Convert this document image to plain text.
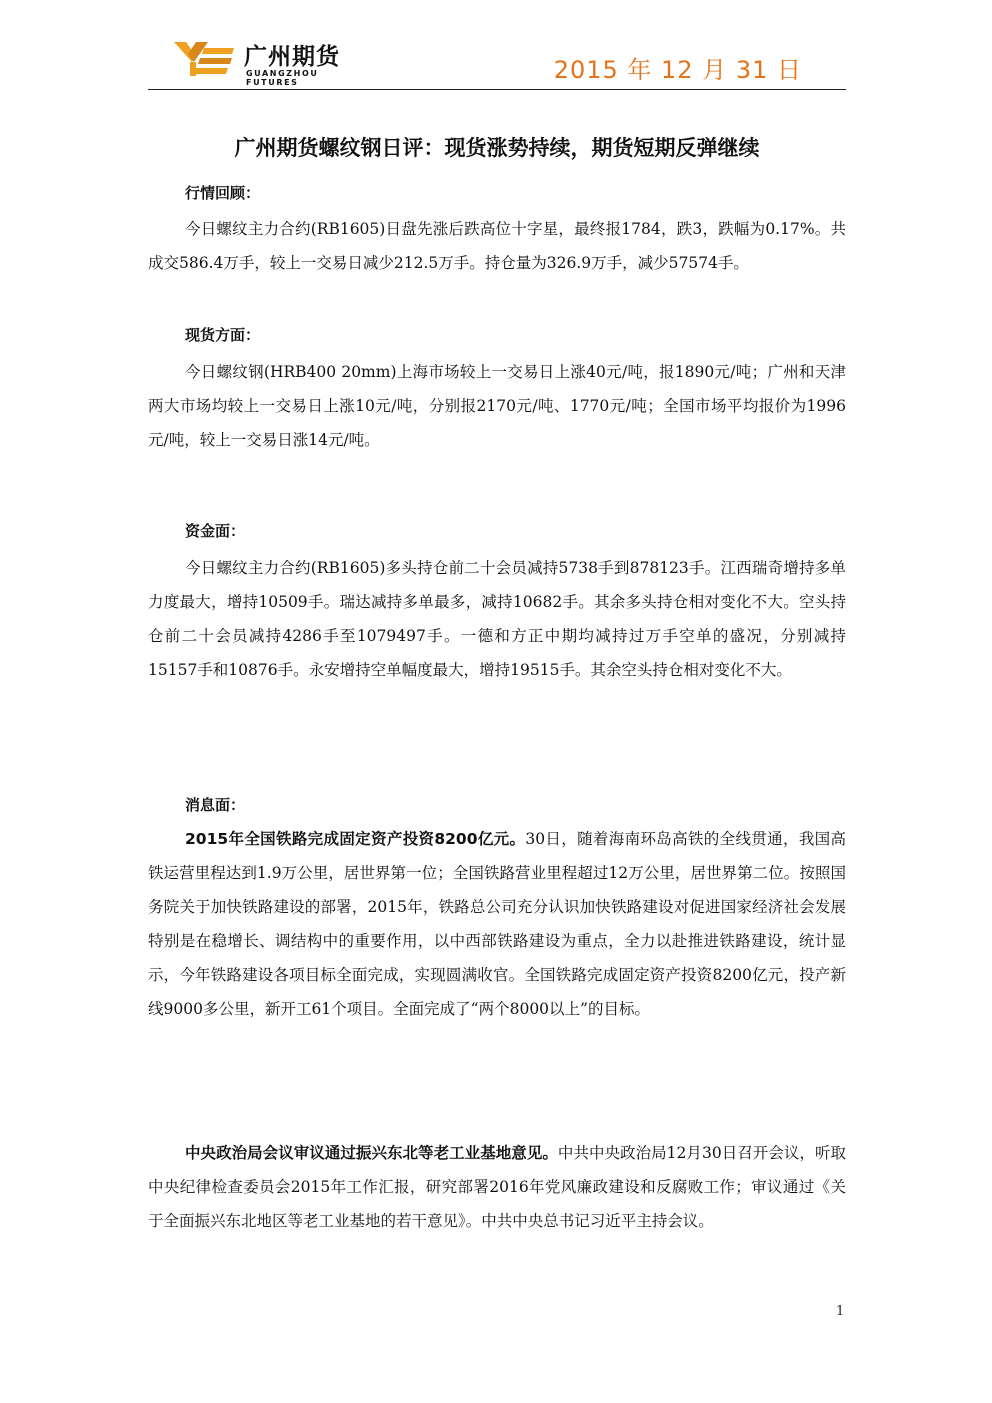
广州期货
GUANGZHOU FUTURES	2015 年 12 月 31 日
广州期货螺纹钢日评：现货涨势持续，期货短期反弹继续
行情回顾：

今日螺纹主力合约(RB1605)日盘先涨后跌高位十字星，最终报1784，跌3，跌幅为0.17%。共成交586.4万手，较上一交易日减少212.5万手。持仓量为326.9万手，减少57574手。

现货方面：

今日螺纹钢(HRB400 20mm)上海市场较上一交易日上涨40元/吨，报1890元/吨；广州和天津两大市场均较上一交易日上涨10元/吨，分别报2170元/吨、1770元/吨；全国市场平均报价为1996元/吨，较上一交易日涨14元/吨。

资金面：

今日螺纹主力合约(RB1605)多头持仓前二十会员减持5738手到878123手。江西瑞奇增持多单力度最大，增持10509手。瑞达减持多单最多，减持10682手。其余多头持仓相对变化不大。空头持仓前二十会员减持4286手至1079497手。一德和方正中期均减持过万手空单的盛况，分别减持15157手和10876手。永安增持空单幅度最大，增持19515手。其余空头持仓相对变化不大。

消息面：

2015年全国铁路完成固定资产投资8200亿元。30日，随着海南环岛高铁的全线贯通，我国高铁运营里程达到1.9万公里，居世界第一位；全国铁路营业里程超过12万公里，居世界第二位。按照国务院关于加快铁路建设的部署，2015年，铁路总公司充分认识加快铁路建设对促进国家经济社会发展特别是在稳增长、调结构中的重要作用，以中西部铁路建设为重点，全力以赴推进铁路建设，统计显示，今年铁路建设各项目标全面完成，实现圆满收官。全国铁路完成固定资产投资8200亿元，投产新线9000多公里，新开工61个项目。全面完成了“两个8000以上”的目标。

中央政治局会议审议通过振兴东北等老工业基地意见。中共中央政治局12月30日召开会议，听取中央纪律检查委员会2015年工作汇报，研究部署2016年党风廉政建设和反腐败工作；审议通过《关于全面振兴东北地区等老工业基地的若干意见》。中共中央总书记习近平主持会议。

1
